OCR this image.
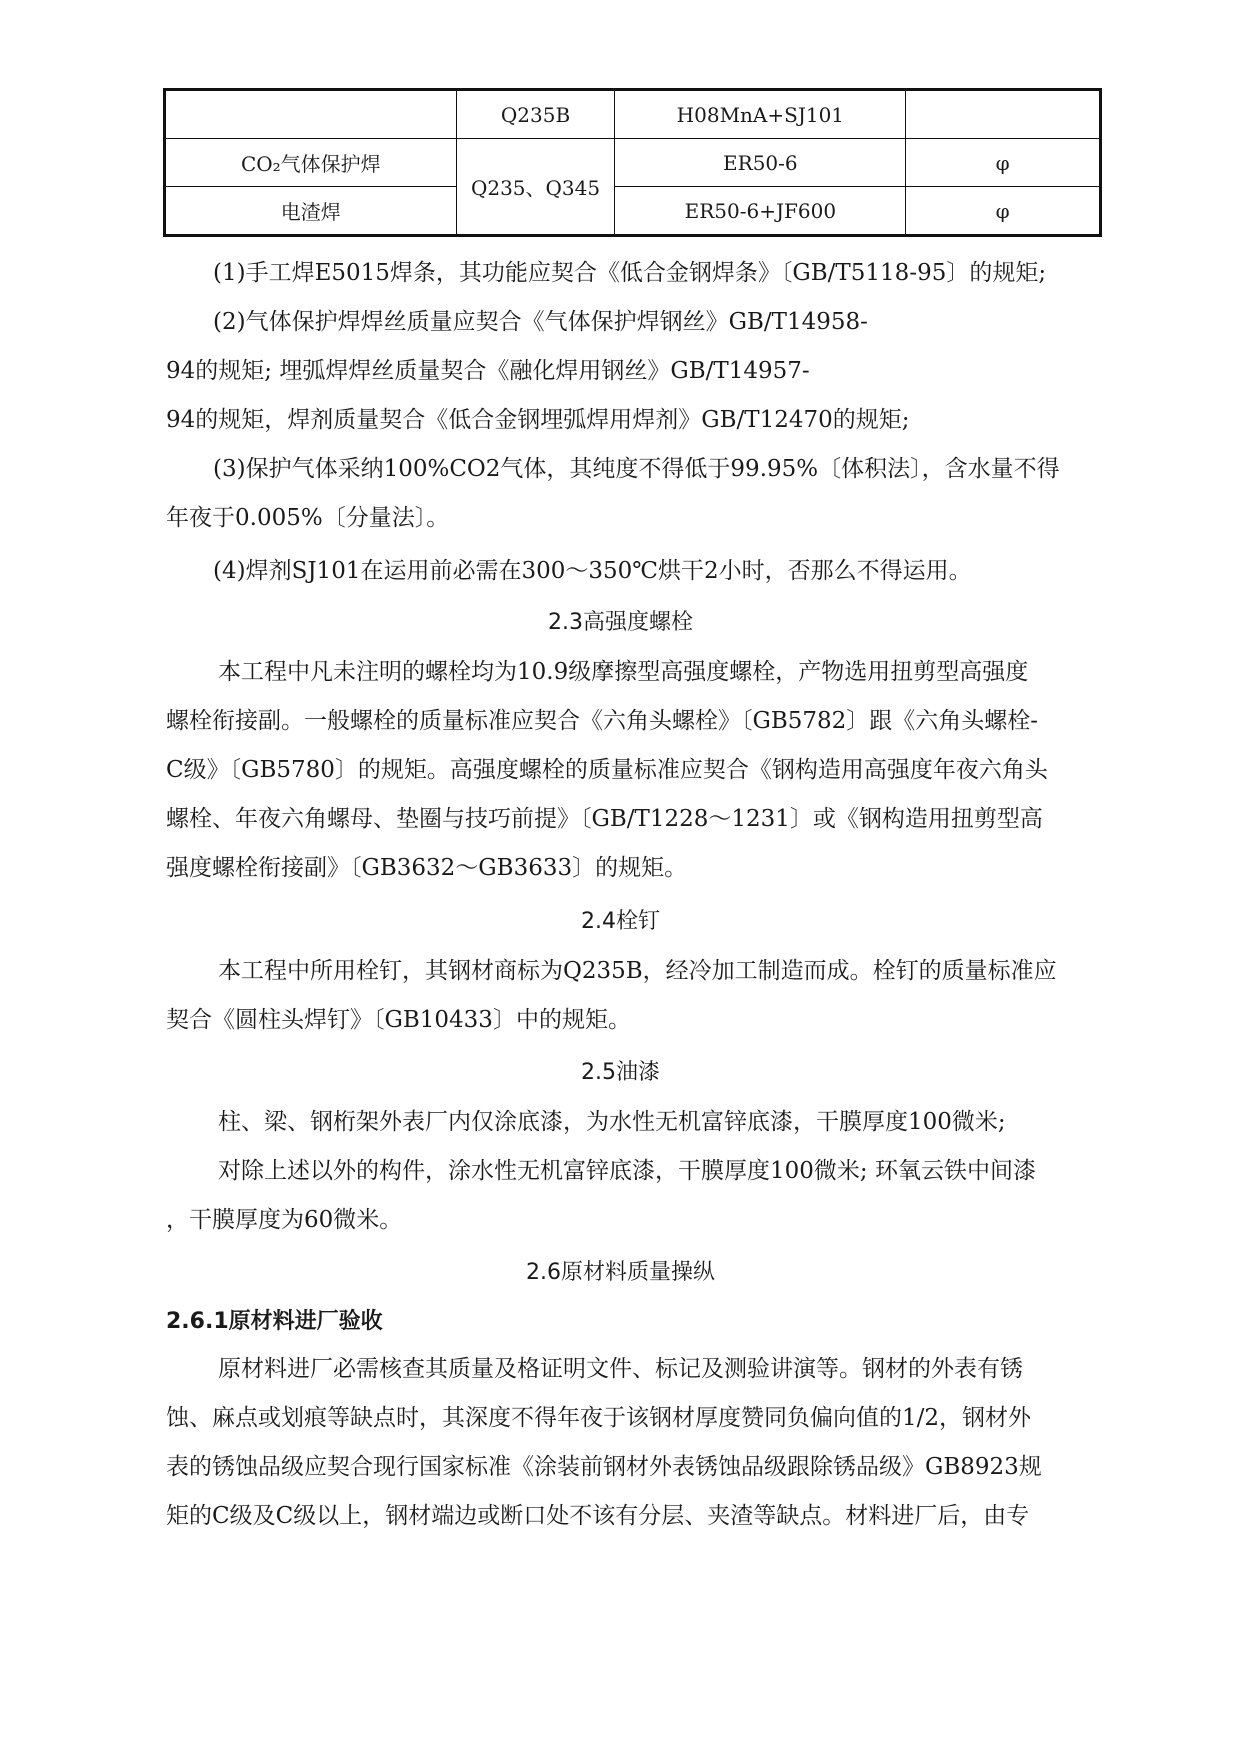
	Q235B	H08MnA+SJ101	
CO₂气体保护焊	Q235、Q345	ER50-6	φ
电渣焊		ER50-6+JF600	φ
(1)手工焊E5015焊条，其功能应契合《低合金钢焊条》〔GB/T5118-95〕的规矩;
(2)气体保护焊焊丝质量应契合《气体保护焊钢丝》GB/T14958-
94的规矩; 埋弧焊焊丝质量契合《融化焊用钢丝》GB/T14957-
94的规矩，焊剂质量契合《低合金钢埋弧焊用焊剂》GB/T12470的规矩;
(3)保护气体采纳100%CO2气体，其纯度不得低于99.95%〔体积法〕，含水量不得
年夜于0.005%〔分量法〕。
(4)焊剂SJ101在运用前必需在300～350℃烘干2小时，否那么不得运用。
2.3高强度螺栓
本工程中凡未注明的螺栓均为10.9级摩擦型高强度螺栓，产物选用扭剪型高强度
螺栓衔接副。一般螺栓的质量标准应契合《六角头螺栓》〔GB5782〕跟《六角头螺栓-
C级》〔GB5780〕的规矩。高强度螺栓的质量标准应契合《钢构造用高强度年夜六角头
螺栓、年夜六角螺母、垫圈与技巧前提》〔GB/T1228～1231〕或《钢构造用扭剪型高
强度螺栓衔接副》〔GB3632～GB3633〕的规矩。
2.4栓钉
本工程中所用栓钉，其钢材商标为Q235B，经冷加工制造而成。栓钉的质量标准应
契合《圆柱头焊钉》〔GB10433〕中的规矩。
2.5油漆
柱、梁、钢桁架外表厂内仅涂底漆，为水性无机富锌底漆，干膜厚度100微米;
对除上述以外的构件，涂水性无机富锌底漆，干膜厚度100微米; 环氧云铁中间漆
，干膜厚度为60微米。
2.6原材料质量操纵
2.6.1原材料进厂验收
原材料进厂必需核查其质量及格证明文件、标记及测验讲演等。钢材的外表有锈
蚀、麻点或划痕等缺点时，其深度不得年夜于该钢材厚度赞同负偏向值的1/2，钢材外
表的锈蚀品级应契合现行国家标准《涂装前钢材外表锈蚀品级跟除锈品级》GB8923规
矩的C级及C级以上，钢材端边或断口处不该有分层、夹渣等缺点。材料进厂后，由专
